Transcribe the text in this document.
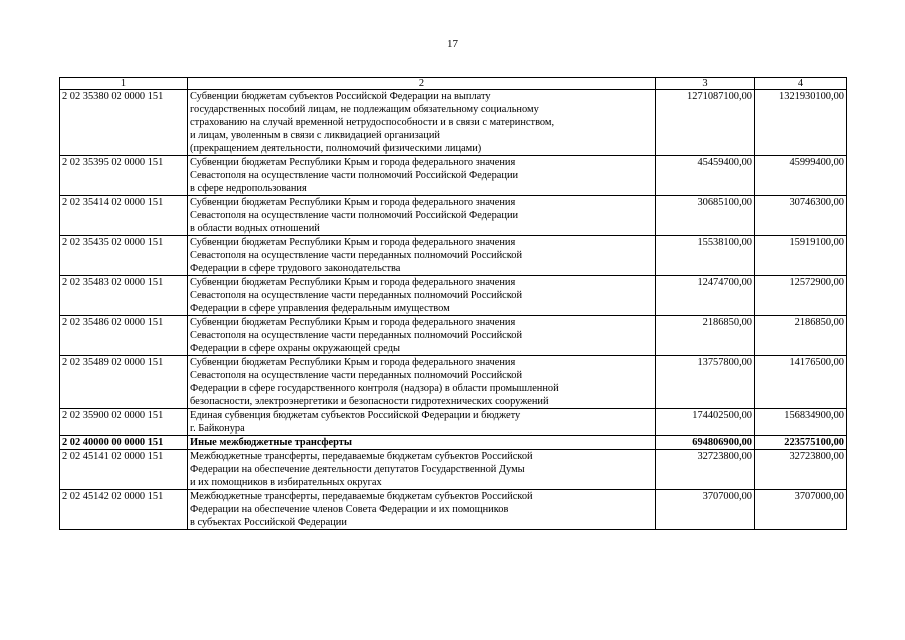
17
1	2	3	4
2 02 35380 02 0000 151	Субвенции бюджетам субъектов Российской Федерации на выплату
государственных пособий лицам, не подлежащим обязательному социальному
страхованию на случай временной нетрудоспособности и в связи с материнством,
и лицам, уволенным в связи с ликвидацией организаций
(прекращением деятельности, полномочий физическими лицами)	1271087100,00	1321930100,00
2 02 35395 02 0000 151	Субвенции бюджетам Республики Крым и города федерального значения
Севастополя на осуществление части полномочий Российской Федерации
в сфере недропользования	45459400,00	45999400,00
2 02 35414 02 0000 151	Субвенции бюджетам Республики Крым и города федерального значения
Севастополя на осуществление части полномочий Российской Федерации
в области водных отношений	30685100,00	30746300,00
2 02 35435 02 0000 151	Субвенции бюджетам Республики Крым и города федерального значения
Севастополя на осуществление части переданных полномочий Российской
Федерации в сфере трудового законодательства	15538100,00	15919100,00
2 02 35483 02 0000 151	Субвенции бюджетам Республики Крым и города федерального значения
Севастополя на осуществление части переданных полномочий Российской
Федерации в сфере управления федеральным имуществом	12474700,00	12572900,00
2 02 35486 02 0000 151	Субвенции бюджетам Республики Крым и города федерального значения
Севастополя на осуществление части переданных полномочий Российской
Федерации в сфере охраны окружающей среды	2186850,00	2186850,00
2 02 35489 02 0000 151	Субвенции бюджетам Республики Крым и города федерального значения
Севастополя на осуществление части переданных полномочий Российской
Федерации в сфере государственного контроля (надзора) в области промышленной
безопасности, электроэнергетики и безопасности гидротехнических сооружений	13757800,00	14176500,00
2 02 35900 02 0000 151	Единая субвенция бюджетам субъектов Российской Федерации и бюджету
г. Байконура	174402500,00	156834900,00
2 02 40000 00 0000 151	Иные межбюджетные трансферты	694806900,00	223575100,00
2 02 45141 02 0000 151	Межбюджетные трансферты, передаваемые бюджетам субъектов Российской
Федерации на обеспечение деятельности депутатов Государственной Думы
и их помощников в избирательных округах	32723800,00	32723800,00
2 02 45142 02 0000 151	Межбюджетные трансферты, передаваемые бюджетам субъектов Российской
Федерации на обеспечение членов Совета Федерации и их помощников
в субъектах Российской Федерации	3707000,00	3707000,00
